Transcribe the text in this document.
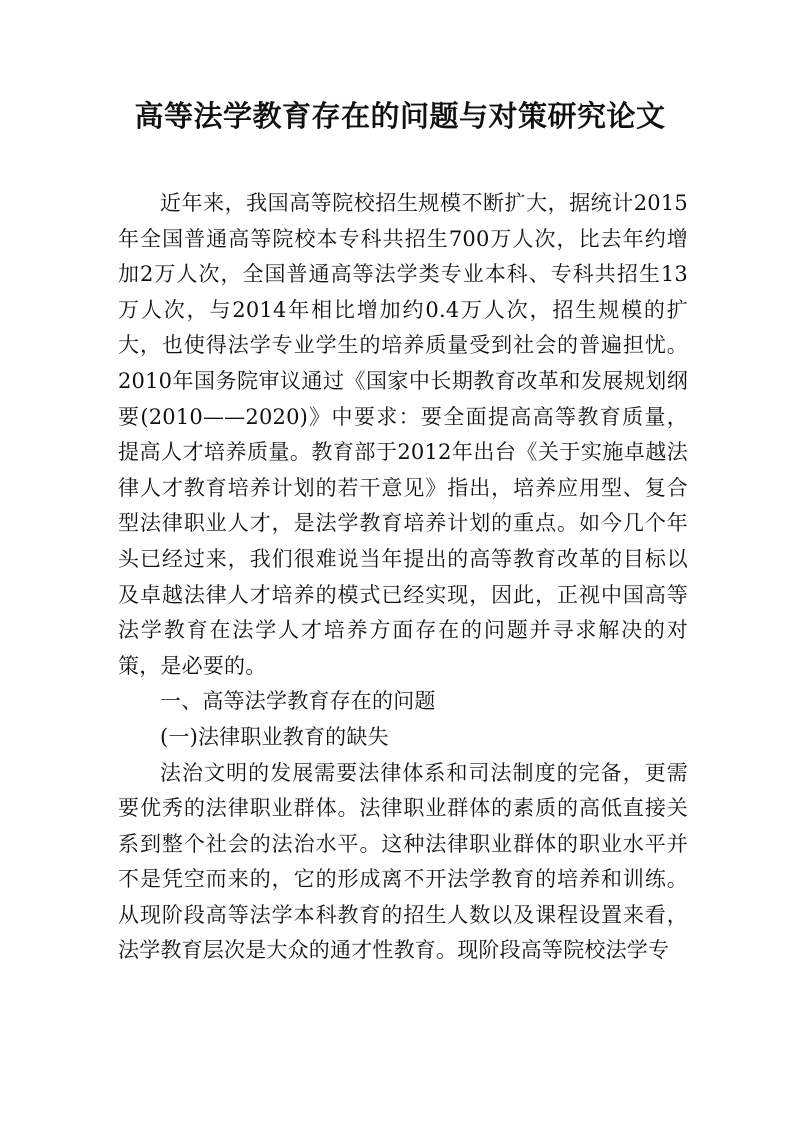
高等法学教育存在的问题与对策研究论文

近年来，我国高等院校招生规模不断扩大，据统计2015年全国普通高等院校本专科共招生700万人次，比去年约增加2万人次，全国普通高等法学类专业本科、专科共招生13万人次，与2014年相比增加约0.4万人次，招生规模的扩大，也使得法学专业学生的培养质量受到社会的普遍担忧。2010年国务院审议通过《国家中长期教育改革和发展规划纲要(2010——2020)》中要求：要全面提高高等教育质量，提高人才培养质量。教育部于2012年出台《关于实施卓越法律人才教育培养计划的若干意见》指出，培养应用型、复合型法律职业人才，是法学教育培养计划的重点。如今几个年头已经过来，我们很难说当年提出的高等教育改革的目标以及卓越法律人才培养的模式已经实现，因此，正视中国高等法学教育在法学人才培养方面存在的问题并寻求解决的对策，是必要的。

一、高等法学教育存在的问题

(一)法律职业教育的缺失

法治文明的发展需要法律体系和司法制度的完备，更需要优秀的法律职业群体。法律职业群体的素质的高低直接关系到整个社会的法治水平。这种法律职业群体的职业水平并不是凭空而来的，它的形成离不开法学教育的培养和训练。从现阶段高等法学本科教育的招生人数以及课程设置来看，法学教育层次是大众的通才性教育。现阶段高等院校法学专
